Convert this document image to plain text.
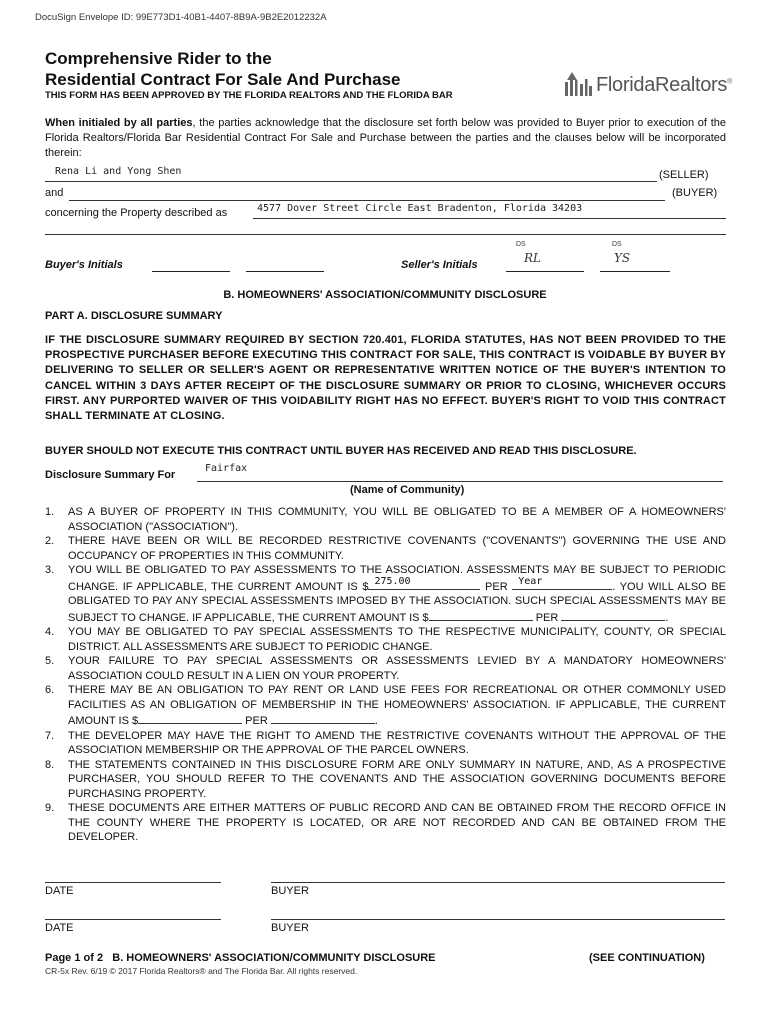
DocuSign Envelope ID: 99E773D1-40B1-4407-8B9A-9B2E2012232A
Comprehensive Rider to the
Residential Contract For Sale And Purchase
THIS FORM HAS BEEN APPROVED BY THE FLORIDA REALTORS AND THE FLORIDA BAR	FloridaRealtors®
When initialed by all parties, the parties acknowledge that the disclosure set forth below was provided to Buyer prior to execution of the Florida Realtors/Florida Bar Residential Contract For Sale and Purchase between the parties and the clauses below will be incorporated therein:
Rena Li and Yong Shen	(SELLER)
and	(BUYER)
concerning the Property described as	4577 Dover Street Circle East Bradenton, Florida 34203
Buyer's Initials	Seller's Initials
DS
RL
DS
YS
B. HOMEOWNERS' ASSOCIATION/COMMUNITY DISCLOSURE
PART A. DISCLOSURE SUMMARY
IF THE DISCLOSURE SUMMARY REQUIRED BY SECTION 720.401, FLORIDA STATUTES, HAS NOT BEEN PROVIDED TO THE PROSPECTIVE PURCHASER BEFORE EXECUTING THIS CONTRACT FOR SALE, THIS CONTRACT IS VOIDABLE BY BUYER BY DELIVERING TO SELLER OR SELLER'S AGENT OR REPRESENTATIVE WRITTEN NOTICE OF THE BUYER'S INTENTION TO CANCEL WITHIN 3 DAYS AFTER RECEIPT OF THE DISCLOSURE SUMMARY OR PRIOR TO CLOSING, WHICHEVER OCCURS FIRST. ANY PURPORTED WAIVER OF THIS VOIDABILITY RIGHT HAS NO EFFECT. BUYER'S RIGHT TO VOID THIS CONTRACT SHALL TERMINATE AT CLOSING.
BUYER SHOULD NOT EXECUTE THIS CONTRACT UNTIL BUYER HAS RECEIVED AND READ THIS DISCLOSURE.
Disclosure Summary For
Fairfax
(Name of Community)
1. AS A BUYER OF PROPERTY IN THIS COMMUNITY, YOU WILL BE OBLIGATED TO BE A MEMBER OF A HOMEOWNERS' ASSOCIATION ("ASSOCIATION").
2. THERE HAVE BEEN OR WILL BE RECORDED RESTRICTIVE COVENANTS ("COVENANTS") GOVERNING THE USE AND OCCUPANCY OF PROPERTIES IN THIS COMMUNITY.
3. YOU WILL BE OBLIGATED TO PAY ASSESSMENTS TO THE ASSOCIATION. ASSESSMENTS MAY BE SUBJECT TO PERIODIC CHANGE. IF APPLICABLE, THE CURRENT AMOUNT IS $ 275.00	PER Year	. YOU WILL ALSO BE OBLIGATED TO PAY ANY SPECIAL ASSESSMENTS IMPOSED BY THE ASSOCIATION. SUCH SPECIAL ASSESSMENTS MAY BE SUBJECT TO CHANGE. IF APPLICABLE, THE CURRENT AMOUNT IS $	PER	.
4. YOU MAY BE OBLIGATED TO PAY SPECIAL ASSESSMENTS TO THE RESPECTIVE MUNICIPALITY, COUNTY, OR SPECIAL DISTRICT. ALL ASSESSMENTS ARE SUBJECT TO PERIODIC CHANGE.
5. YOUR FAILURE TO PAY SPECIAL ASSESSMENTS OR ASSESSMENTS LEVIED BY A MANDATORY HOMEOWNERS' ASSOCIATION COULD RESULT IN A LIEN ON YOUR PROPERTY.
6. THERE MAY BE AN OBLIGATION TO PAY RENT OR LAND USE FEES FOR RECREATIONAL OR OTHER COMMONLY USED FACILITIES AS AN OBLIGATION OF MEMBERSHIP IN THE HOMEOWNERS' ASSOCIATION. IF APPLICABLE, THE CURRENT AMOUNT IS $	PER	.
7. THE DEVELOPER MAY HAVE THE RIGHT TO AMEND THE RESTRICTIVE COVENANTS WITHOUT THE APPROVAL OF THE ASSOCIATION MEMBERSHIP OR THE APPROVAL OF THE PARCEL OWNERS.
8. THE STATEMENTS CONTAINED IN THIS DISCLOSURE FORM ARE ONLY SUMMARY IN NATURE, AND, AS A PROSPECTIVE PURCHASER, YOU SHOULD REFER TO THE COVENANTS AND THE ASSOCIATION GOVERNING DOCUMENTS BEFORE PURCHASING PROPERTY.
9. THESE DOCUMENTS ARE EITHER MATTERS OF PUBLIC RECORD AND CAN BE OBTAINED FROM THE RECORD OFFICE IN THE COUNTY WHERE THE PROPERTY IS LOCATED, OR ARE NOT RECORDED AND CAN BE OBTAINED FROM THE DEVELOPER.
DATE	BUYER
DATE	BUYER
Page 1 of 2 B. HOMEOWNERS' ASSOCIATION/COMMUNITY DISCLOSURE	(SEE CONTINUATION)
CR-5x Rev. 6/19 © 2017 Florida Realtors® and The Florida Bar. All rights reserved.
